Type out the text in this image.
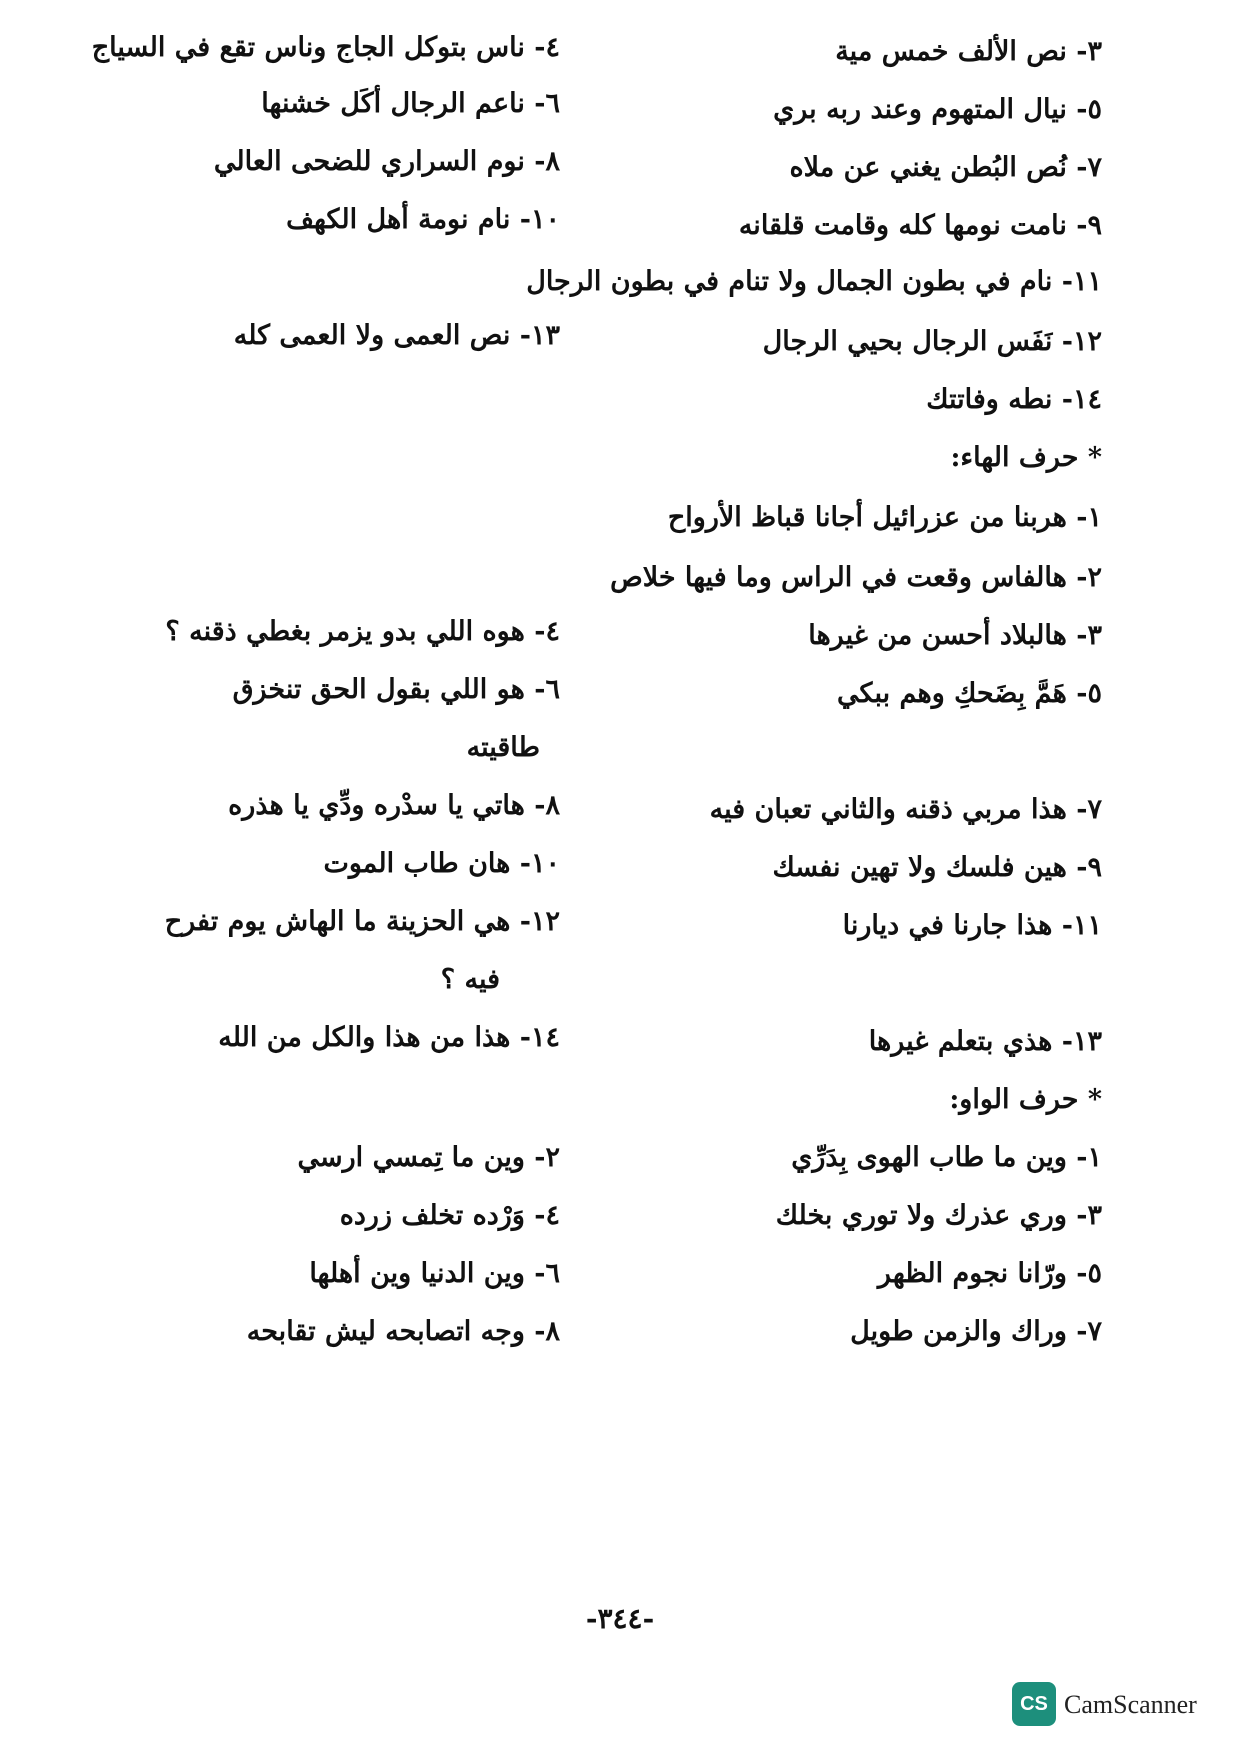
٣- نص الألف خمس مية
٤- ناس بتوكل الجاج وناس تقع في السياج
٥- نيال المتهوم وعند ربه بري
٦- ناعم الرجال أكَل خشنها
٧- نُص البُطن يغني عن ملاه
٨- نوم السراري للضحى العالي
٩- نامت نومها كله وقامت قلقانه
١٠- نام نومة أهل الكهف
١١- نام في بطون الجمال ولا تنام في بطون الرجال
١٢- نَفَس الرجال بحيي الرجال
١٣- نص العمى ولا العمى كله
١٤- نطه وفاتتك
* حرف الهاء:
١- هربنا من عزرائيل أجانا قباظ الأرواح
٢- هالفاس وقعت في الراس وما فيها خلاص
٣- هالبلاد أحسن من غيرها
٤- هوه اللي بدو يزمر بغطي ذقنه ؟
٥- هَمَّ بِضَحكِ وهم ببكي
٦- هو اللي بقول الحق تنخزق
طاقيته
٧- هذا مربي ذقنه والثاني تعبان فيه
٨- هاتي يا سدْره ودِّي يا هذره
٩- هين فلسك ولا تهين نفسك
١٠- هان طاب الموت
١١- هذا جارنا في ديارنا
١٢- هي الحزينة ما الهاش يوم تفرح
فيه ؟
١٣- هذي بتعلم غيرها
١٤- هذا من هذا والكل من الله
* حرف الواو:
١- وين ما طاب الهوى بِدَرِّي
٢- وين ما تِمسي ارسي
٣- وري عذرك ولا توري بخلك
٤- وَرْده تخلف زرده
٥- ورّانا نجوم الظهر
٦- وين الدنيا وين أهلها
٧- وراك والزمن طويل
٨- وجه اتصابحه ليش تقابحه
-٣٤٤-
CS CamScanner
